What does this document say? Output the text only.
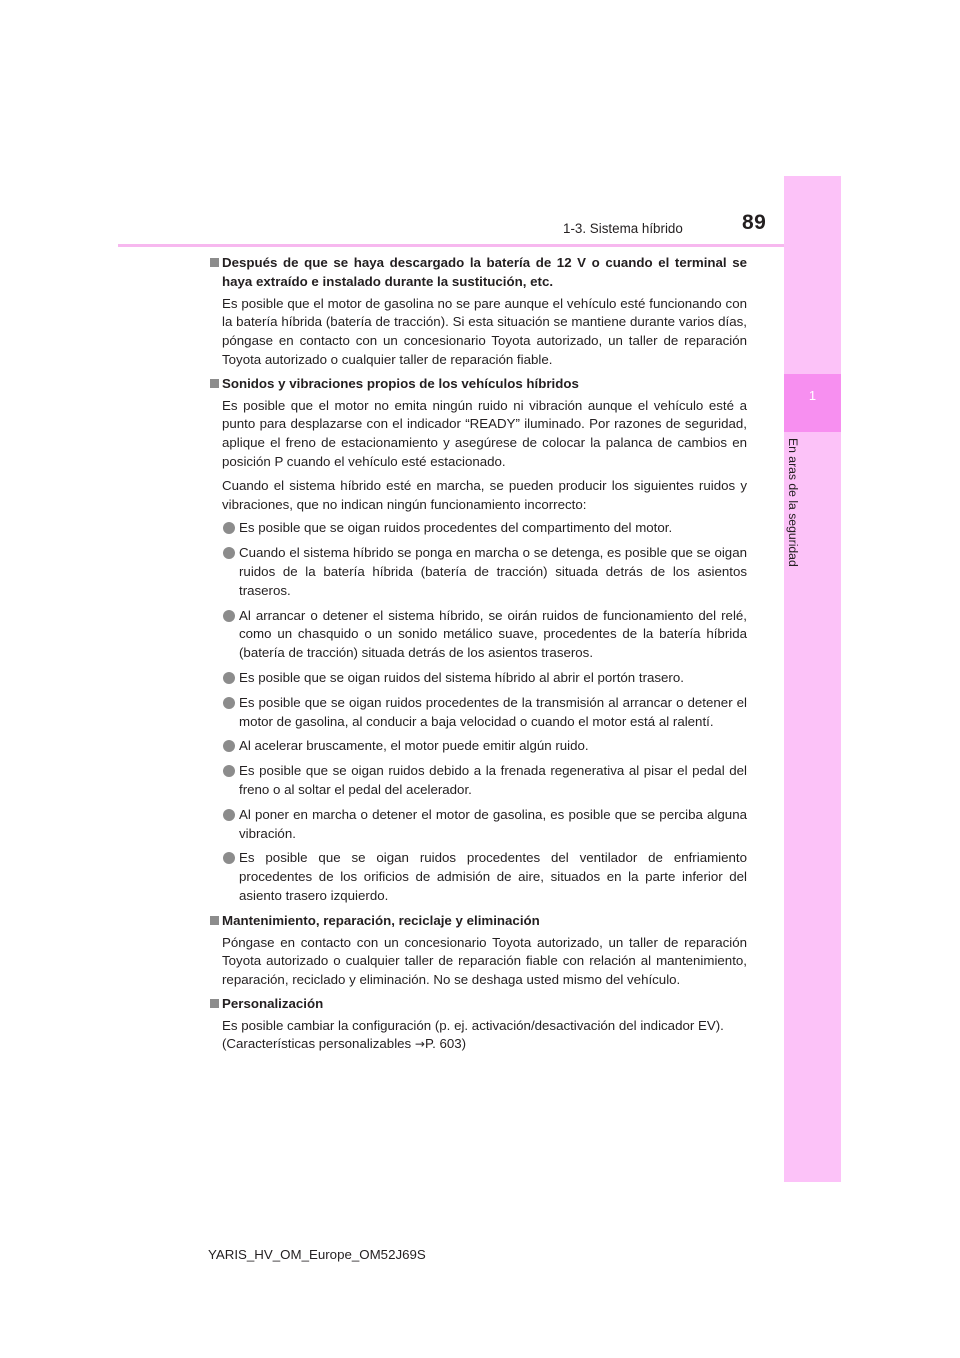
1-3. Sistema híbrido	89
1
En aras de la seguridad
Después de que se haya descargado la batería de 12 V o cuando el terminal se haya extraído e instalado durante la sustitución, etc.
Es posible que el motor de gasolina no se pare aunque el vehículo esté funcionando con la batería híbrida (batería de tracción). Si esta situación se mantiene durante varios días, póngase en contacto con un concesionario Toyota autorizado, un taller de reparación Toyota autorizado o cualquier taller de reparación fiable.
Sonidos y vibraciones propios de los vehículos híbridos
Es posible que el motor no emita ningún ruido ni vibración aunque el vehículo esté a punto para desplazarse con el indicador “READY” iluminado. Por razones de seguridad, aplique el freno de estacionamiento y asegúrese de colocar la palanca de cambios en posición P cuando el vehículo esté estacionado.
Cuando el sistema híbrido esté en marcha, se pueden producir los siguientes ruidos y vibraciones, que no indican ningún funcionamiento incorrecto:
Es posible que se oigan ruidos procedentes del compartimento del motor.
Cuando el sistema híbrido se ponga en marcha o se detenga, es posible que se oigan ruidos de la batería híbrida (batería de tracción) situada detrás de los asientos traseros.
Al arrancar o detener el sistema híbrido, se oirán ruidos de funcionamiento del relé, como un chasquido o un sonido metálico suave, procedentes de la batería híbrida (batería de tracción) situada detrás de los asientos traseros.
Es posible que se oigan ruidos del sistema híbrido al abrir el portón trasero.
Es posible que se oigan ruidos procedentes de la transmisión al arrancar o detener el motor de gasolina, al conducir a baja velocidad o cuando el motor está al ralentí.
Al acelerar bruscamente, el motor puede emitir algún ruido.
Es posible que se oigan ruidos debido a la frenada regenerativa al pisar el pedal del freno o al soltar el pedal del acelerador.
Al poner en marcha o detener el motor de gasolina, es posible que se perciba alguna vibración.
Es posible que se oigan ruidos procedentes del ventilador de enfriamiento procedentes de los orificios de admisión de aire, situados en la parte inferior del asiento trasero izquierdo.
Mantenimiento, reparación, reciclaje y eliminación
Póngase en contacto con un concesionario Toyota autorizado, un taller de reparación Toyota autorizado o cualquier taller de reparación fiable con relación al mantenimiento, reparación, reciclado y eliminación. No se deshaga usted mismo del vehículo.
Personalización
Es posible cambiar la configuración (p. ej. activación/desactivación del indicador EV).
(Características personalizables →P. 603)
YARIS_HV_OM_Europe_OM52J69S
